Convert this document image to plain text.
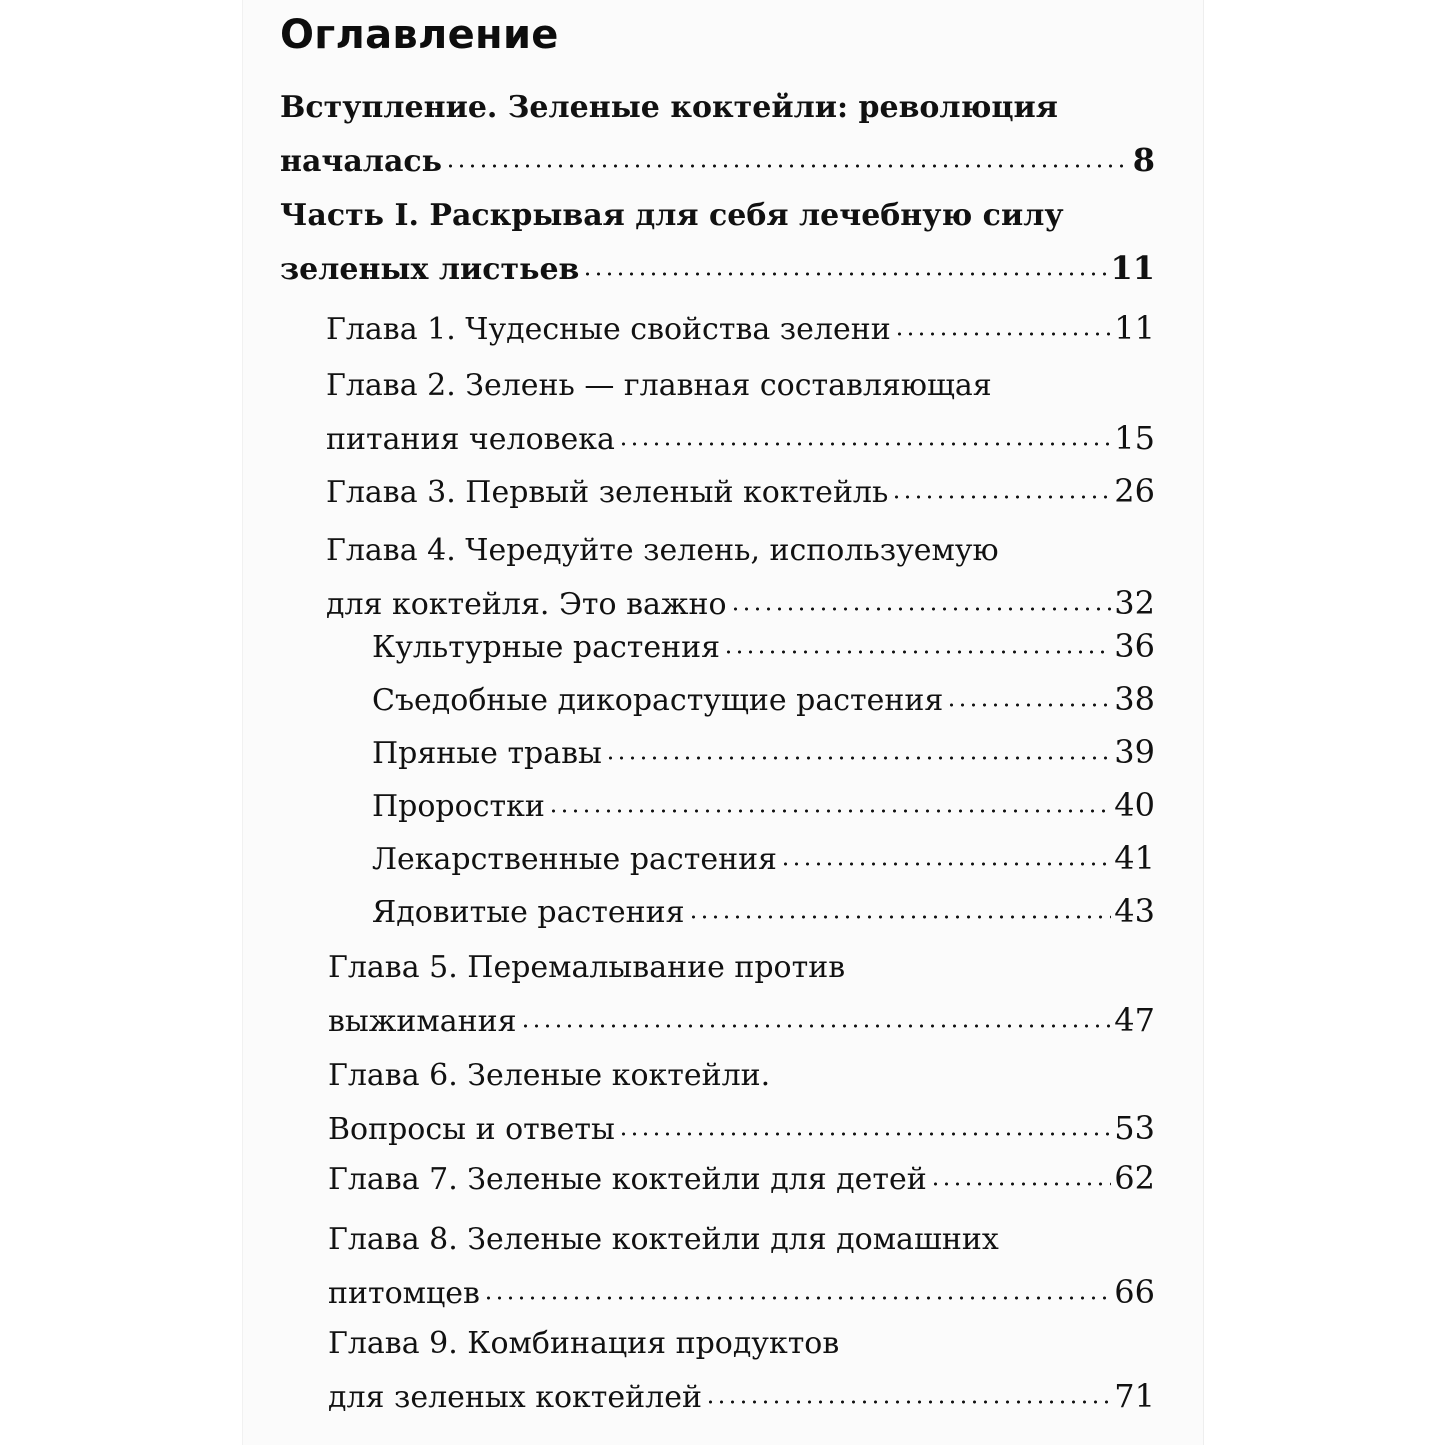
Оглавление
Вступление. Зеленые коктейли: революция
началась	8
Часть I. Раскрывая для себя лечебную силу
зеленых листьев	11
Глава 1. Чудесные свойства зелени	11
Глава 2. Зелень — главная составляющая
питания человека	15
Глава 3. Первый зеленый коктейль	26
Глава 4. Чередуйте зелень, используемую
для коктейля. Это важно	32
Культурные растения	36
Съедобные дикорастущие растения	38
Пряные травы	39
Проростки	40
Лекарственные растения	41
Ядовитые растения	43
Глава 5. Перемалывание против
выжимания	47
Глава 6. Зеленые коктейли.
Вопросы и ответы	53
Глава 7. Зеленые коктейли для детей	62
Глава 8. Зеленые коктейли для домашних
питомцев	66
Глава 9. Комбинация продуктов
для зеленых коктейлей	71
